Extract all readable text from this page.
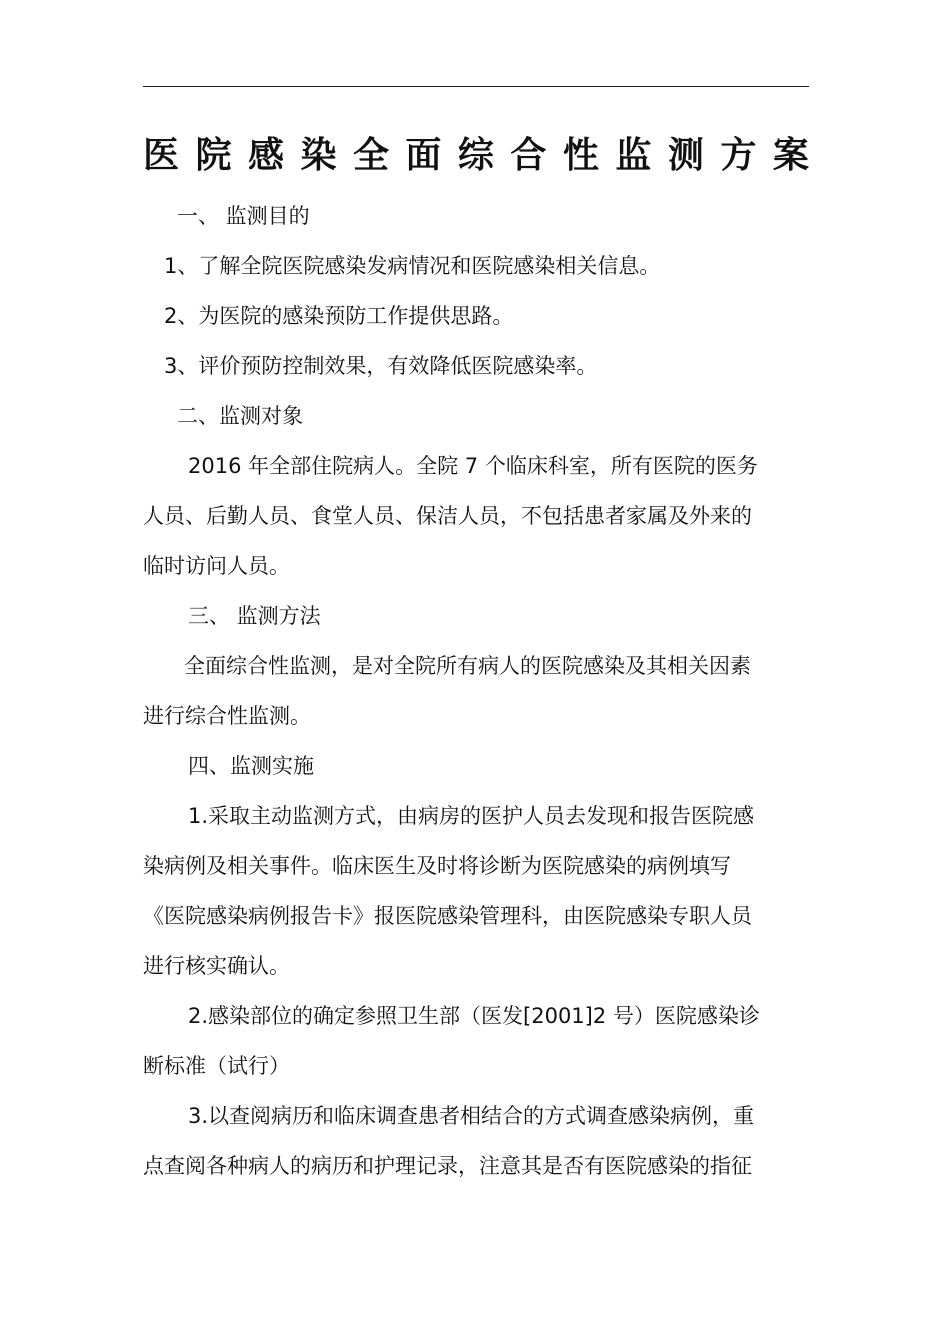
医 院 感 染 全 面 综 合 性 监 测 方 案

一、 监测目的

1、了解全院医院感染发病情况和医院感染相关信息。

2、为医院的感染预防工作提供思路。

3、评价预防控制效果，有效降低医院感染率。

二、监测对象

2016 年全部住院病人。全院 7 个临床科室，所有医院的医务

人员、后勤人员、食堂人员、保洁人员，不包括患者家属及外来的

临时访问人员。

三、 监测方法

全面综合性监测，是对全院所有病人的医院感染及其相关因素

进行综合性监测。

四、监测实施

1.采取主动监测方式，由病房的医护人员去发现和报告医院感

染病例及相关事件。临床医生及时将诊断为医院感染的病例填写

《医院感染病例报告卡》报医院感染管理科，由医院感染专职人员

进行核实确认。

2.感染部位的确定参照卫生部（医发[2001]2 号）医院感染诊

断标准（试行）

3.以查阅病历和临床调查患者相结合的方式调查感染病例，重

点查阅各种病人的病历和护理记录，注意其是否有医院感染的指征
